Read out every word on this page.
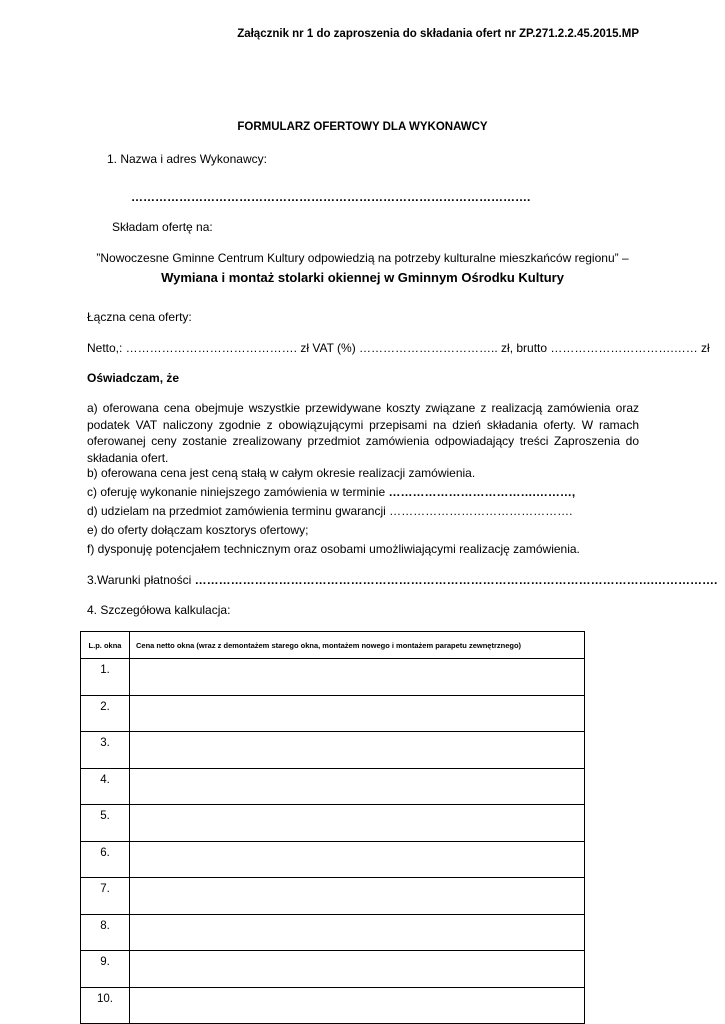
Załącznik nr 1 do zaproszenia do składania ofert nr ZP.271.2.2.45.2015.MP
FORMULARZ OFERTOWY DLA WYKONAWCY
1. Nazwa i adres Wykonawcy:
……………………………………………………………………………………….
Składam ofertę na:
”Nowoczesne Gminne Centrum Kultury odpowiedzią na potrzeby kulturalne mieszkańców regionu” –
Wymiana i montaż stolarki okiennej w Gminnym Ośrodku Kultury
Łączna cena oferty:
Netto,: ……………………………………. zł VAT (%) …………………………….. zł, brutto ………………………….…… zł
Oświadczam, że
a) oferowana cena obejmuje wszystkie przewidywane koszty związane z realizacją zamówienia oraz podatek VAT naliczony zgodnie z obowiązującymi przepisami na dzień składania oferty. W ramach oferowanej ceny zostanie zrealizowany przedmiot zamówienia odpowiadający treści Zaproszenia do składania ofert.
b) oferowana cena jest ceną stałą w całym okresie realizacji zamówienia.
c) oferuję wykonanie niniejszego zamówienia w terminie ……………………………….………,
d) udzielam na przedmiot zamówienia terminu gwarancji ……………………………………….
e) do oferty dołączam kosztorys ofertowy;
f) dysponuję potencjałem technicznym oraz osobami umożliwiającymi realizację zamówienia.
3.Warunki płatności …………………………………………………………………………………………………….…………….
4. Szczegółowa kalkulacja:
L.p. okna	Cena netto okna (wraz z demontażem starego okna, montażem nowego i montażem parapetu zewnętrznego)
1.	
2.	
3.	
4.	
5.	
6.	
7.	
8.	
9.	
10.	
